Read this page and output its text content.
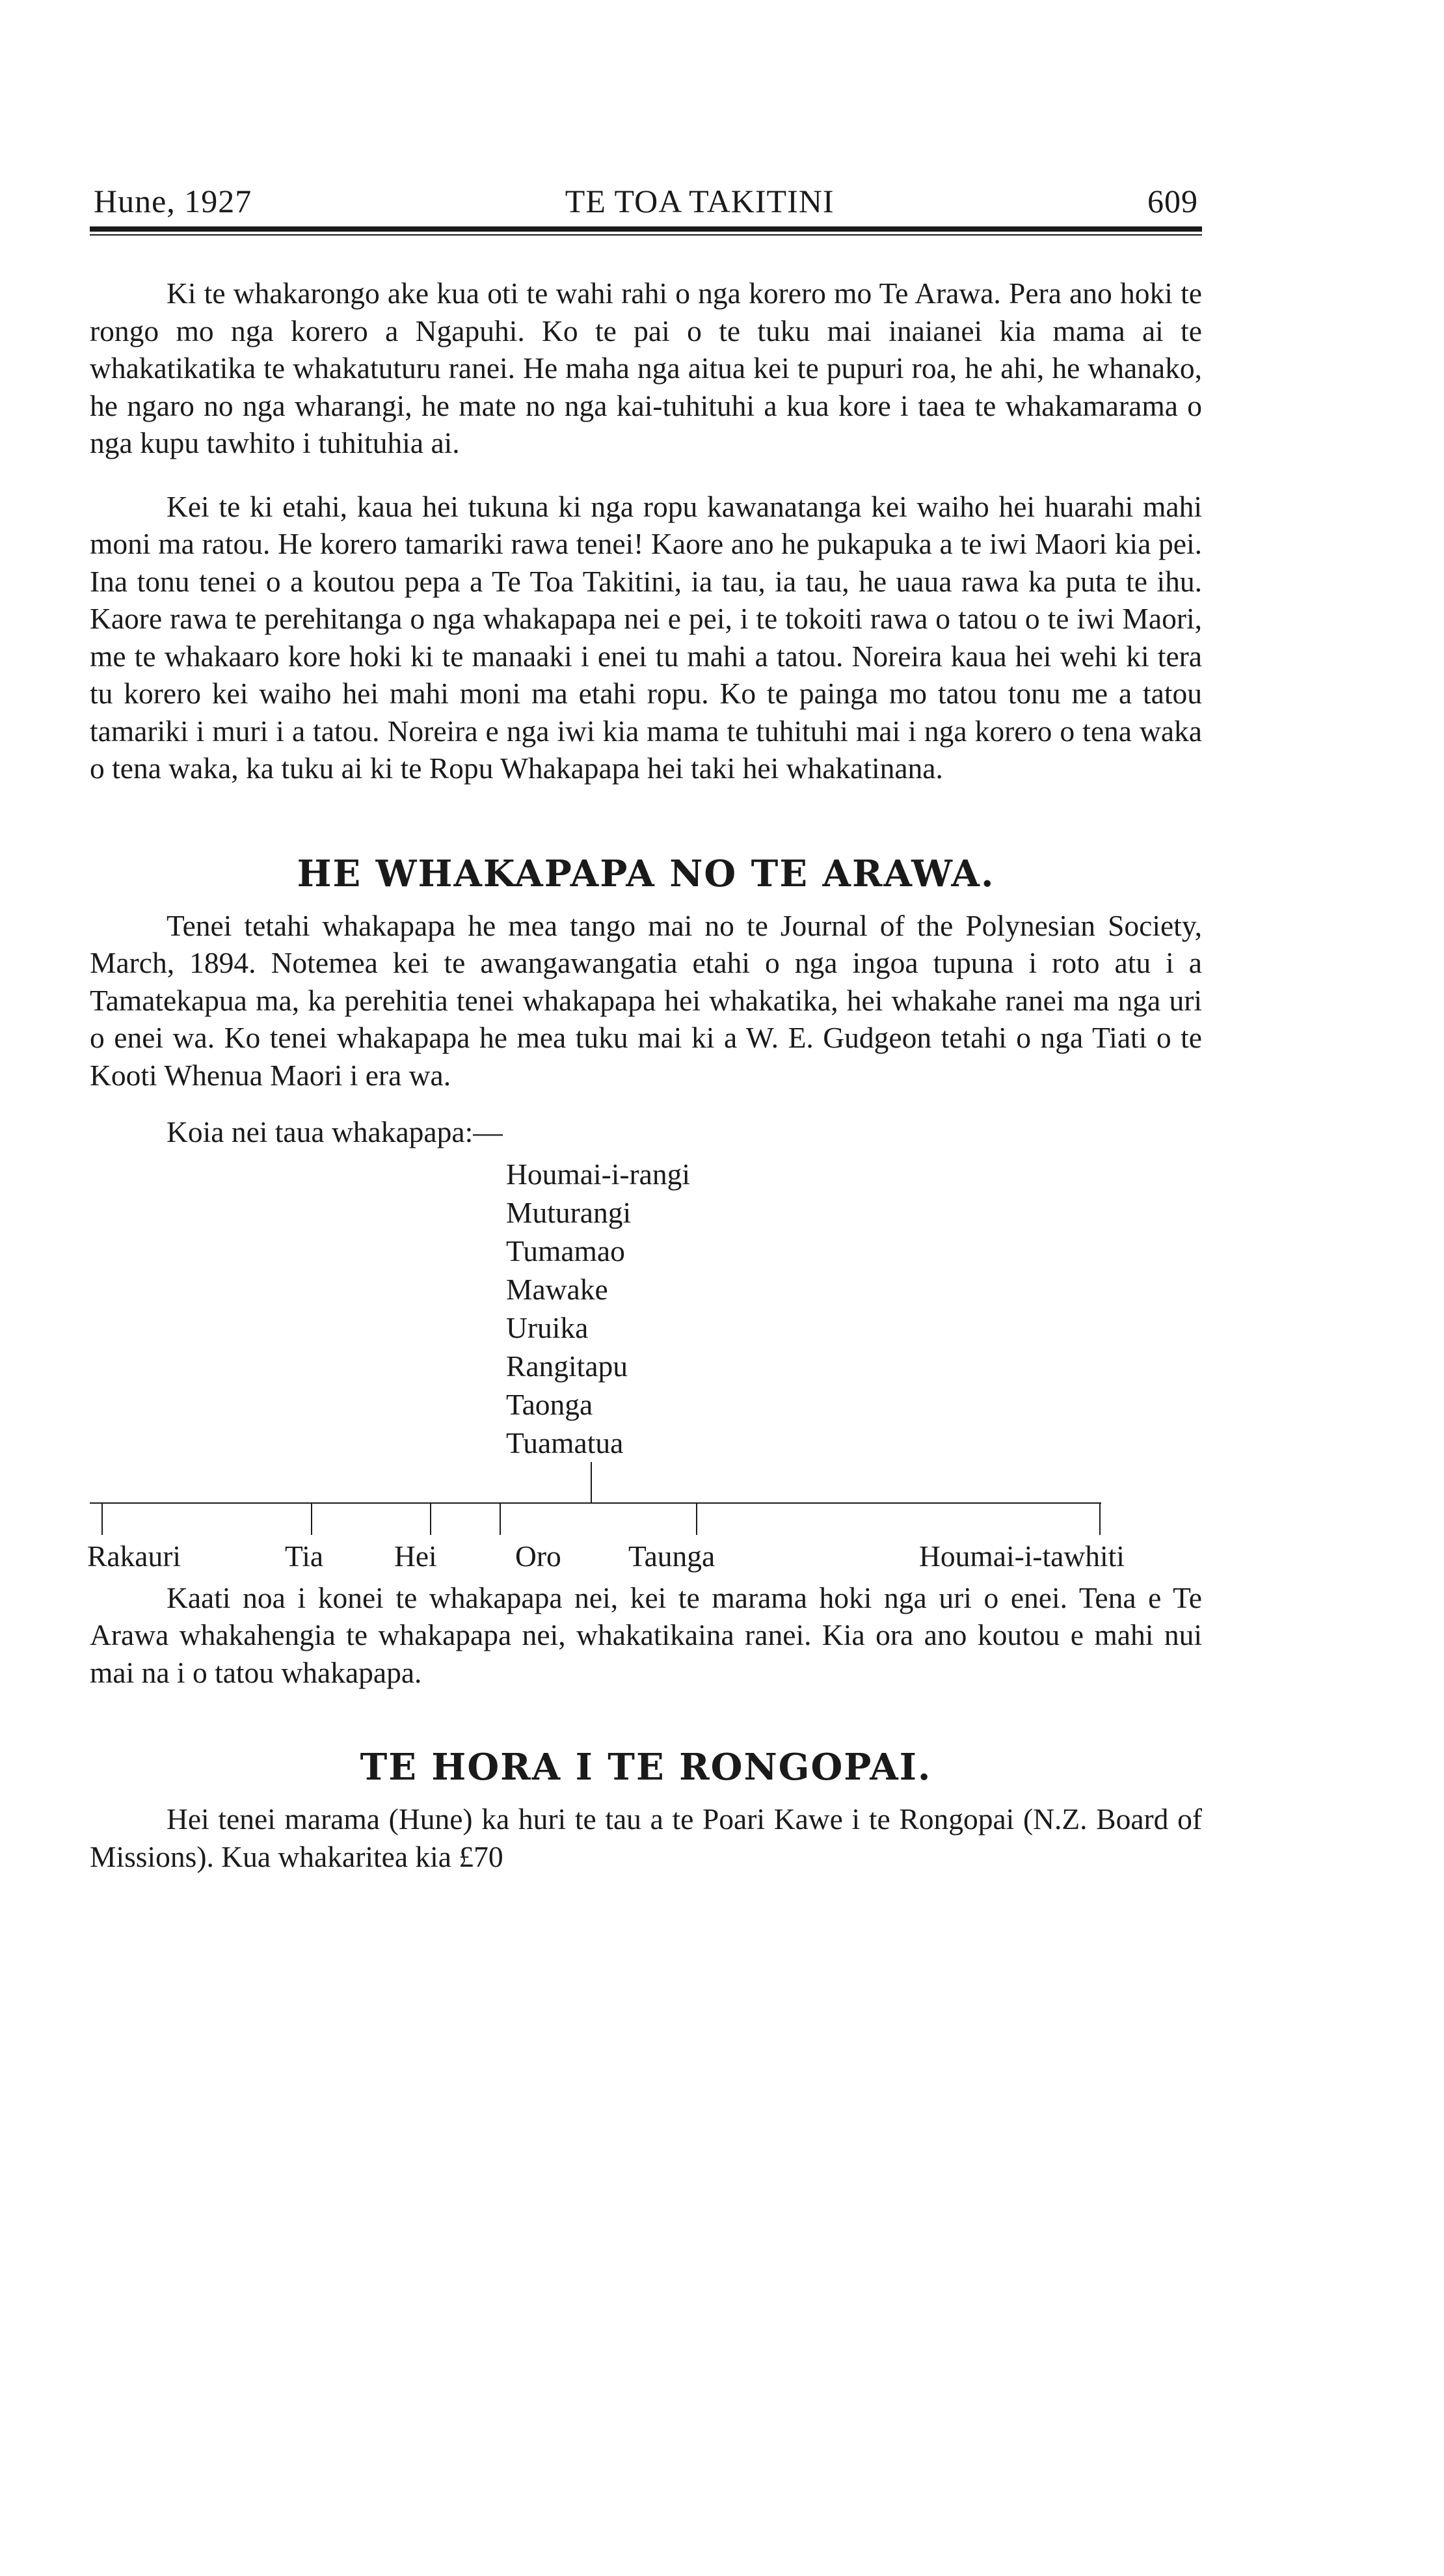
Hune, 1927	TE TOA TAKITINI	609

Ki te whakarongo ake kua oti te wahi rahi o nga korero mo Te Arawa. Pera ano hoki te rongo mo nga korero a Ngapuhi. Ko te pai o te tuku mai inaianei kia mama ai te whakatikatika te whakatuturu ranei. He maha nga aitua kei te pupuri roa, he ahi, he whanako, he ngaro no nga wharangi, he mate no nga kai-tuhituhi a kua kore i taea te whakamarama o nga kupu tawhito i tuhituhia ai.

Kei te ki etahi, kaua hei tukuna ki nga ropu kawanatanga kei waiho hei huarahi mahi moni ma ratou. He korero tamariki rawa tenei! Kaore ano he pukapuka a te iwi Maori kia pei. Ina tonu tenei o a koutou pepa a Te Toa Takitini, ia tau, ia tau, he uaua rawa ka puta te ihu. Kaore rawa te perehitanga o nga whakapapa nei e pei, i te tokoiti rawa o tatou o te iwi Maori, me te whakaaro kore hoki ki te manaaki i enei tu mahi a tatou. Noreira kaua hei wehi ki tera tu korero kei waiho hei mahi moni ma etahi ropu. Ko te painga mo tatou tonu me a tatou tamariki i muri i a tatou. Noreira e nga iwi kia mama te tuhituhi mai i nga korero o tena waka o tena waka, ka tuku ai ki te Ropu Whakapapa hei taki hei whakatinana.

HE WHAKAPAPA NO TE ARAWA.

Tenei tetahi whakapapa he mea tango mai no te Journal of the Polynesian Society, March, 1894. Notemea kei te awangawangatia etahi o nga ingoa tupuna i roto atu i a Tamatekapua ma, ka perehitia tenei whakapapa hei whakatika, hei whakahe ranei ma nga uri o enei wa. Ko tenei whakapapa he mea tuku mai ki a W. E. Gudgeon tetahi o nga Tiati o te Kooti Whenua Maori i era wa.

Koia nei taua whakapapa:—
Houmai-i-rangi
Muturangi
Tumamao
Mawake
Uruika
Rangitapu
Taonga
Tuamatua
Rakauri	Tia Hei	Oro Taunga	Houmai-i-tawhiti

Kaati noa i konei te whakapapa nei, kei te marama hoki nga uri o enei. Tena e Te Arawa whakahengia te whakapapa nei, whakatikaina ranei. Kia ora ano koutou e mahi nui mai na i o tatou whakapapa.

TE HORA I TE RONGOPAI.

Hei tenei marama (Hune) ka huri te tau a te Poari Kawe i te Rongopai (N.Z. Board of Missions). Kua whakaritea kia £70
